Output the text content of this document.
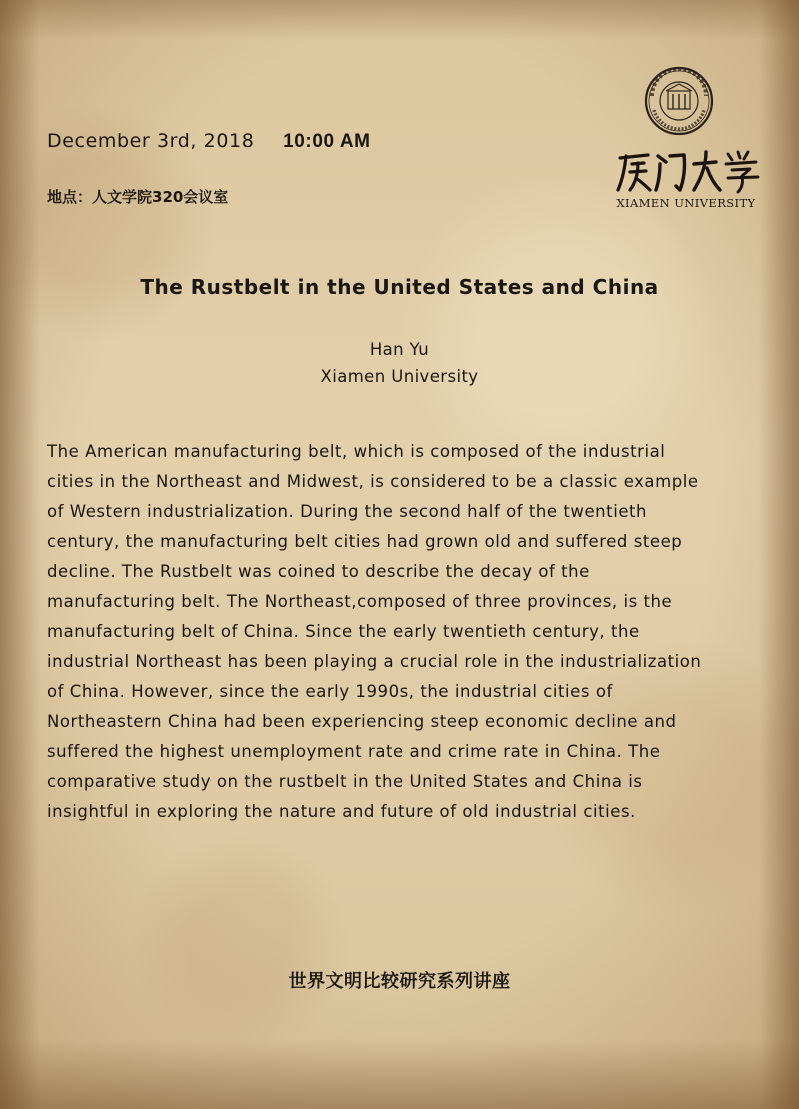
December 3rd, 2018 10:00 AM
地点：人文学院320会议室	XIAMEN UNIVERSITY
The Rustbelt in the United States and China
Han Yu
Xiamen University

The American manufacturing belt, which is composed of the industrial
cities in the Northeast and Midwest, is considered to be a classic example
of Western industrialization. During the second half of the twentieth
century, the manufacturing belt cities had grown old and suffered steep
decline. The Rustbelt was coined to describe the decay of the
manufacturing belt. The Northeast,composed of three provinces, is the
manufacturing belt of China. Since the early twentieth century, the
industrial Northeast has been playing a crucial role in the industrialization
of China. However, since the early 1990s, the industrial cities of
Northeastern China had been experiencing steep economic decline and
suffered the highest unemployment rate and crime rate in China. The
comparative study on the rustbelt in the United States and China is
insightful in exploring the nature and future of old industrial cities.

世界文明比较研究系列讲座
